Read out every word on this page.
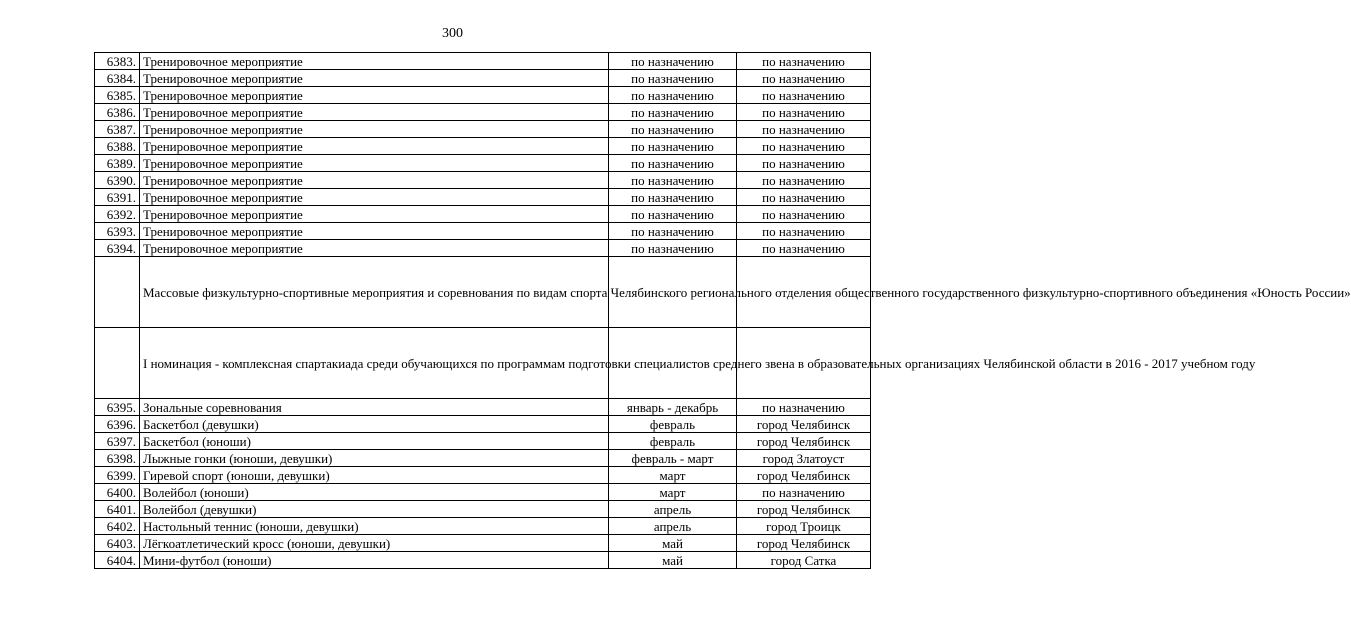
300
6383.	Тренировочное мероприятие	по назначению	по назначению
6384.	Тренировочное мероприятие	по назначению	по назначению
6385.	Тренировочное мероприятие	по назначению	по назначению
6386.	Тренировочное мероприятие	по назначению	по назначению
6387.	Тренировочное мероприятие	по назначению	по назначению
6388.	Тренировочное мероприятие	по назначению	по назначению
6389.	Тренировочное мероприятие	по назначению	по назначению
6390.	Тренировочное мероприятие	по назначению	по назначению
6391.	Тренировочное мероприятие	по назначению	по назначению
6392.	Тренировочное мероприятие	по назначению	по назначению
6393.	Тренировочное мероприятие	по назначению	по назначению
6394.	Тренировочное мероприятие	по назначению	по назначению
	Массовые физкультурно-спортивные мероприятия и соревнования по видам спорта Челябинского регионального отделения общественного государственного физкультурно-спортивного объединения «Юность России»		
	I номинация - комплексная спартакиада среди обучающихся по программам подготовки специалистов среднего звена в образовательных организациях Челябинской области в 2016 - 2017 учебном году		
6395.	Зональные соревнования	январь - декабрь	по назначению
6396.	Баскетбол (девушки)	февраль	город Челябинск
6397.	Баскетбол (юноши)	февраль	город Челябинск
6398.	Лыжные гонки (юноши, девушки)	февраль - март	город Златоуст
6399.	Гиревой спорт (юноши, девушки)	март	город Челябинск
6400.	Волейбол (юноши)	март	по назначению
6401.	Волейбол (девушки)	апрель	город Челябинск
6402.	Настольный теннис (юноши, девушки)	апрель	город Троицк
6403.	Лёгкоатлетический кросс (юноши, девушки)	май	город Челябинск
6404.	Мини-футбол (юноши)	май	город Сатка
